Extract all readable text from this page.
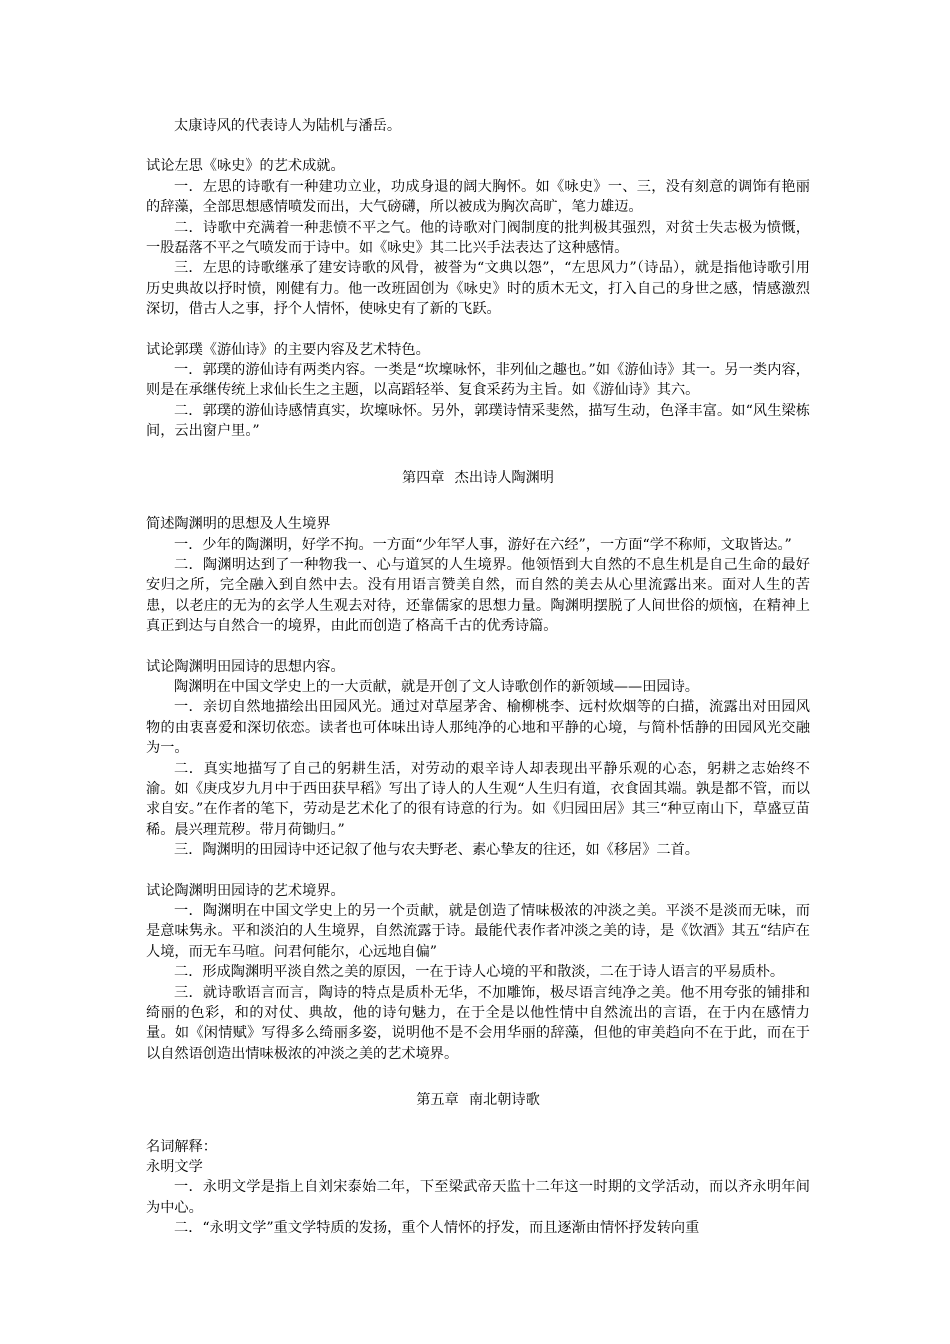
太康诗风的代表诗人为陆机与潘岳。

试论左思《咏史》的艺术成就。

一．左思的诗歌有一种建功立业，功成身退的阔大胸怀。如《咏史》一、三，没有刻意的调饰有艳丽的辞藻，全部思想感情喷发而出，大气磅礴，所以被成为胸次高旷，笔力雄迈。

二．诗歌中充满着一种悲愤不平之气。他的诗歌对门阀制度的批判极其强烈，对贫士失志极为愤慨，一股磊落不平之气喷发而于诗中。如《咏史》其二比兴手法表达了这种感情。

三．左思的诗歌继承了建安诗歌的风骨，被誉为“文典以怨”，“左思风力”（诗品），就是指他诗歌引用历史典故以抒时愤，刚健有力。他一改班固创为《咏史》时的质木无文，打入自己的身世之感，情感激烈深切，借古人之事，抒个人情怀，使咏史有了新的飞跃。

试论郭璞《游仙诗》的主要内容及艺术特色。

一．郭璞的游仙诗有两类内容。一类是“坎壈咏怀，非列仙之趣也。”如《游仙诗》其一。另一类内容，则是在承继传统上求仙长生之主题，以高蹈轻举、复食采药为主旨。如《游仙诗》其六。

二．郭璞的游仙诗感情真实，坎壈咏怀。另外，郭璞诗情采斐然，描写生动，色泽丰富。如“风生梁栋间，云出窗户里。”

第四章 杰出诗人陶渊明

简述陶渊明的思想及人生境界

一．少年的陶渊明，好学不拘。一方面“少年罕人事，游好在六经”，一方面“学不称师，文取皆达。”

二．陶渊明达到了一种物我一、心与道冥的人生境界。他领悟到大自然的不息生机是自己生命的最好安归之所，完全融入到自然中去。没有用语言赞美自然，而自然的美去从心里流露出来。面对人生的苦患，以老庄的无为的玄学人生观去对待，还靠儒家的思想力量。陶渊明摆脱了人间世俗的烦恼，在精神上真正到达与自然合一的境界，由此而创造了格高千古的优秀诗篇。

试论陶渊明田园诗的思想内容。

陶渊明在中国文学史上的一大贡献，就是开创了文人诗歌创作的新领域——田园诗。

一．亲切自然地描绘出田园风光。通过对草屋茅舍、榆柳桃李、远村炊烟等的白描，流露出对田园风物的由衷喜爱和深切依恋。读者也可体味出诗人那纯净的心地和平静的心境，与简朴恬静的田园风光交融为一。

二．真实地描写了自己的躬耕生活，对劳动的艰辛诗人却表现出平静乐观的心态，躬耕之志始终不渝。如《庚戌岁九月中于西田获早稻》写出了诗人的人生观“人生归有道，衣食固其端。孰是都不管，而以求自安。”在作者的笔下，劳动是艺术化了的很有诗意的行为。如《归园田居》其三“种豆南山下，草盛豆苗稀。晨兴理荒秽。带月荷锄归。”

三．陶渊明的田园诗中还记叙了他与农夫野老、素心挚友的往还，如《移居》二首。

试论陶渊明田园诗的艺术境界。

一．陶渊明在中国文学史上的另一个贡献，就是创造了情味极浓的冲淡之美。平淡不是淡而无味，而是意味隽永。平和淡泊的人生境界，自然流露于诗。最能代表作者冲淡之美的诗，是《饮酒》其五“结庐在人境，而无车马喧。问君何能尔，心远地自偏”

二．形成陶渊明平淡自然之美的原因，一在于诗人心境的平和散淡，二在于诗人语言的平易质朴。

三．就诗歌语言而言，陶诗的特点是质朴无华，不加雕饰，极尽语言纯净之美。他不用夸张的铺排和绮丽的色彩，和的对仗、典故，他的诗句魅力，在于全是以他性情中自然流出的言语，在于内在感情力量。如《闲情赋》写得多么绮丽多姿，说明他不是不会用华丽的辞藻，但他的审美趋向不在于此，而在于以自然语创造出情味极浓的冲淡之美的艺术境界。

第五章 南北朝诗歌

名词解释：

永明文学

一．永明文学是指上自刘宋泰始二年，下至梁武帝天监十二年这一时期的文学活动，而以齐永明年间为中心。

二．“永明文学”重文学特质的发扬，重个人情怀的抒发，而且逐渐由情怀抒发转向重
